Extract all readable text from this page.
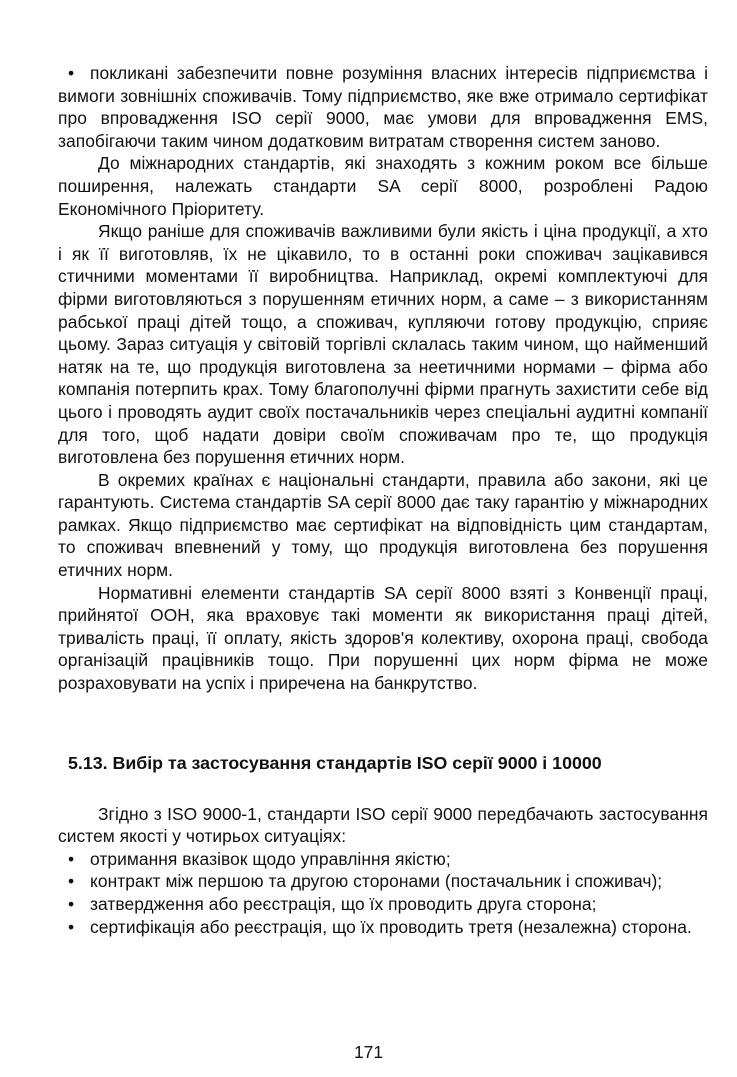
• покликані забезпечити повне розуміння власних інтересів підприємства і вимоги зовнішніх споживачів. Тому підприємство, яке вже отримало сертифікат про впровадження ISO серії 9000, має умови для впровадження EMS, запобігаючи таким чином додатковим витратам створення систем заново.

До міжнародних стандартів, які знаходять з кожним роком все більше поширення, належать стандарти SA серії 8000, розроблені Радою Економічного Пріоритету.

Якщо раніше для споживачів важливими були якість і ціна продукції, а хто і як її виготовляв, їх не цікавило, то в останні роки споживач зацікавився стичними моментами її виробництва. Наприклад, окремі комплектуючі для фірми виготовляються з порушенням етичних норм, а саме – з використанням рабської праці дітей тощо, а споживач, купляючи готову продукцію, сприяє цьому. Зараз ситуація у світовій торгівлі склалась таким чином, що найменший натяк на те, що продукція виготовлена за неетичними нормами – фірма або компанія потерпить крах. Тому благополучні фірми прагнуть захистити себе від цього і проводять аудит своїх постачальників через спеціальні аудитні компанії для того, щоб надати довіри своїм споживачам про те, що продукція виготовлена без порушення етичних норм.

В окремих країнах є національні стандарти, правила або закони, які це гарантують. Система стандартів SA серії 8000 дає таку гарантію у міжнародних рамках. Якщо підприємство має сертифікат на відповідність цим стандартам, то споживач впевнений у тому, що продукція виготовлена без порушення етичних норм.

Нормативні елементи стандартів SA серії 8000 взяті з Конвенції праці, прийнятої ООН, яка враховує такі моменти як використання праці дітей, тривалість праці, її оплату, якість здоров'я колективу, охорона праці, свобода організацій працівників тощо. При порушенні цих норм фірма не може розраховувати на успіх і приречена на банкрутство.

5.13. Вибір та застосування стандартів ISO серії 9000 і 10000

Згідно з ISO 9000-1, стандарти ISO серії 9000 передбачають застосування систем якості у чотирьох ситуаціях:

• отримання вказівок щодо управління якістю;

• контракт між першою та другою сторонами (постачальник і споживач);

• затвердження або реєстрація, що їх проводить друга сторона;

• сертифікація або реєстрація, що їх проводить третя (незалежна) сторона.

171
